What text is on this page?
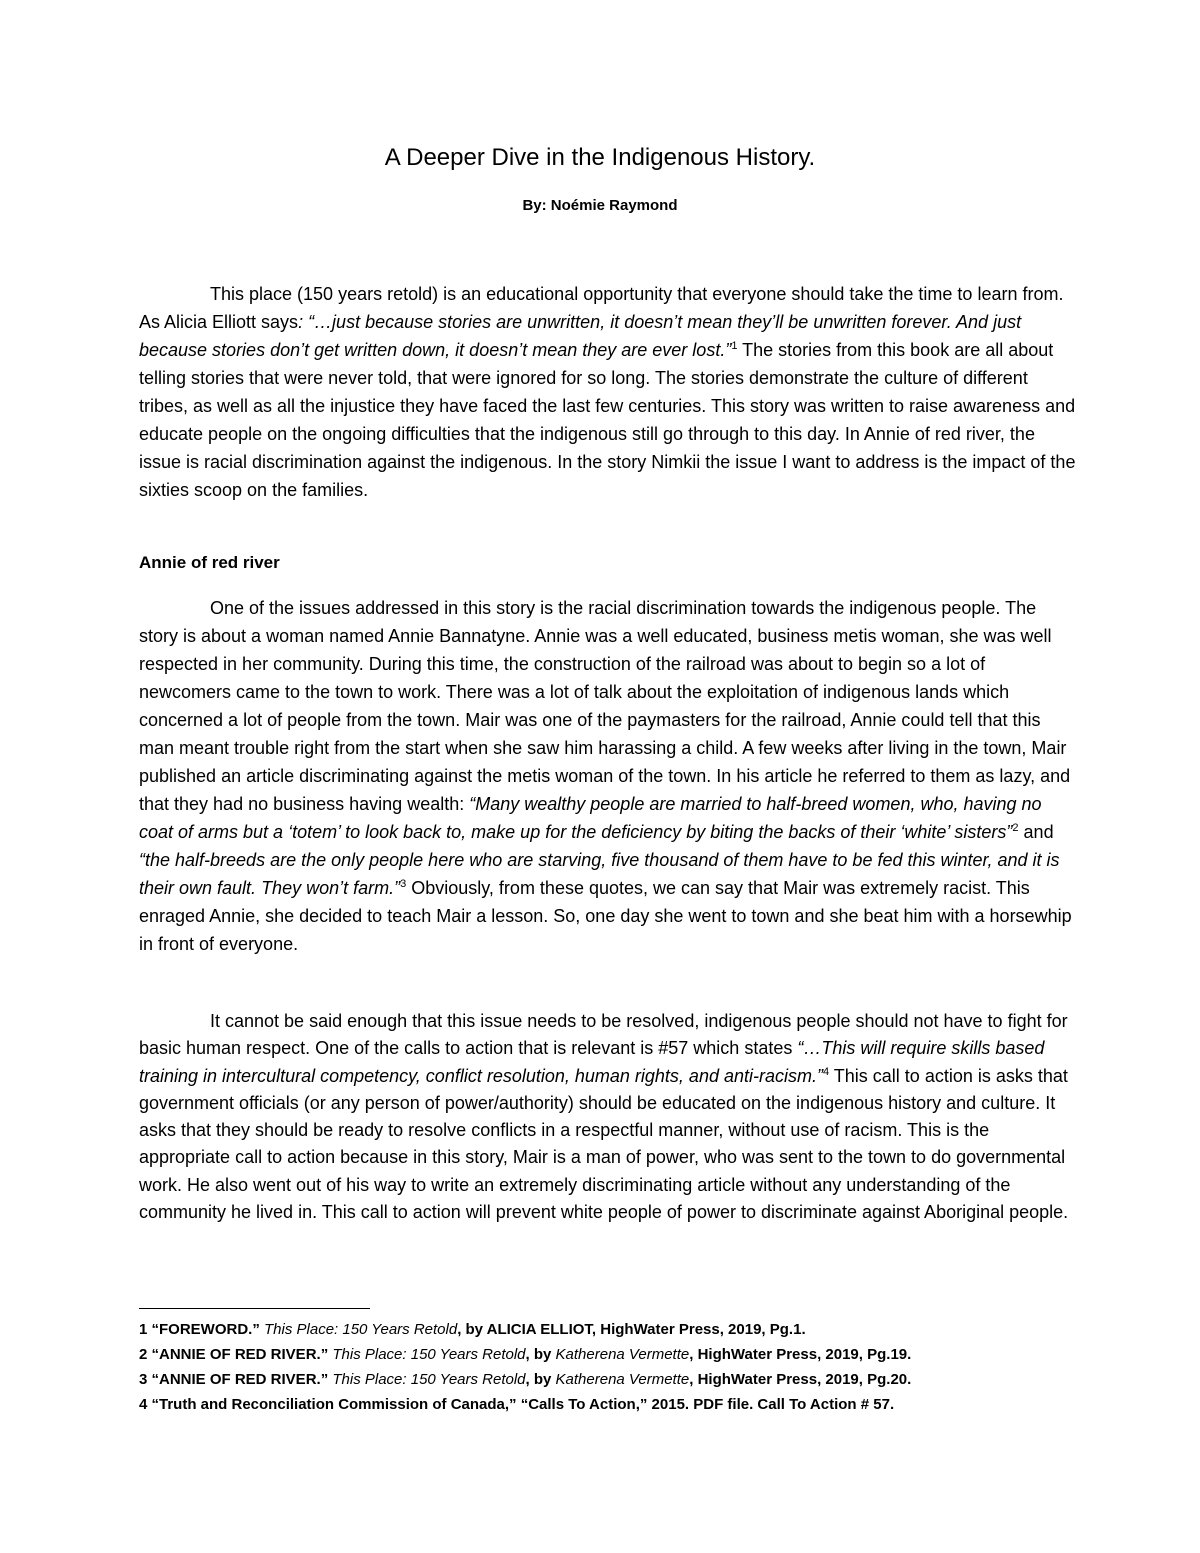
A Deeper Dive in the Indigenous History.
By: Noémie Raymond

This place (150 years retold) is an educational opportunity that everyone should take the time to learn from. As Alicia Elliott says: “…just because stories are unwritten, it doesn’t mean they’ll be unwritten forever. And just because stories don’t get written down, it doesn’t mean they are ever lost.”$^1$ The stories from this book are all about telling stories that were never told, that were ignored for so long. The stories demonstrate the culture of different tribes, as well as all the injustice they have faced the last few centuries. This story was written to raise awareness and educate people on the ongoing difficulties that the indigenous still go through to this day. In Annie of red river, the issue is racial discrimination against the indigenous. In the story Nimkii the issue I want to address is the impact of the sixties scoop on the families.

Annie of red river

One of the issues addressed in this story is the racial discrimination towards the indigenous people. The story is about a woman named Annie Bannatyne. Annie was a well educated, business metis woman, she was well respected in her community. During this time, the construction of the railroad was about to begin so a lot of newcomers came to the town to work. There was a lot of talk about the exploitation of indigenous lands which concerned a lot of people from the town. Mair was one of the paymasters for the railroad, Annie could tell that this man meant trouble right from the start when she saw him harassing a child. A few weeks after living in the town, Mair published an article discriminating against the metis woman of the town. In his article he referred to them as lazy, and that they had no business having wealth: “Many wealthy people are married to half-breed women, who, having no coat of arms but a ‘totem’ to look back to, make up for the deficiency by biting the backs of their ‘white’ sisters”$^2$ and “the half-breeds are the only people here who are starving, five thousand of them have to be fed this winter, and it is their own fault. They won’t farm.”$^3$ Obviously, from these quotes, we can say that Mair was extremely racist. This enraged Annie, she decided to teach Mair a lesson. So, one day she went to town and she beat him with a horsewhip in front of everyone.

It cannot be said enough that this issue needs to be resolved, indigenous people should not have to fight for basic human respect. One of the calls to action that is relevant is #57 which states “…This will require skills based training in intercultural competency, conflict resolution, human rights, and anti-racism.”$^4$ This call to action is asks that government officials (or any person of power/authority) should be educated on the indigenous history and culture. It asks that they should be ready to resolve conflicts in a respectful manner, without use of racism. This is the appropriate call to action because in this story, Mair is a man of power, who was sent to the town to do governmental work. He also went out of his way to write an extremely discriminating article without any understanding of the community he lived in. This call to action will prevent white people of power to discriminate against Aboriginal people.

1 “FOREWORD.” This Place: 150 Years Retold, by ALICIA ELLIOT, HighWater Press, 2019, Pg.1.
2 “ANNIE OF RED RIVER.” This Place: 150 Years Retold, by Katherena Vermette, HighWater Press, 2019, Pg.19.
3 “ANNIE OF RED RIVER.” This Place: 150 Years Retold, by Katherena Vermette, HighWater Press, 2019, Pg.20.
4 “Truth and Reconciliation Commission of Canada,” “Calls To Action,” 2015. PDF file. Call To Action # 57.
